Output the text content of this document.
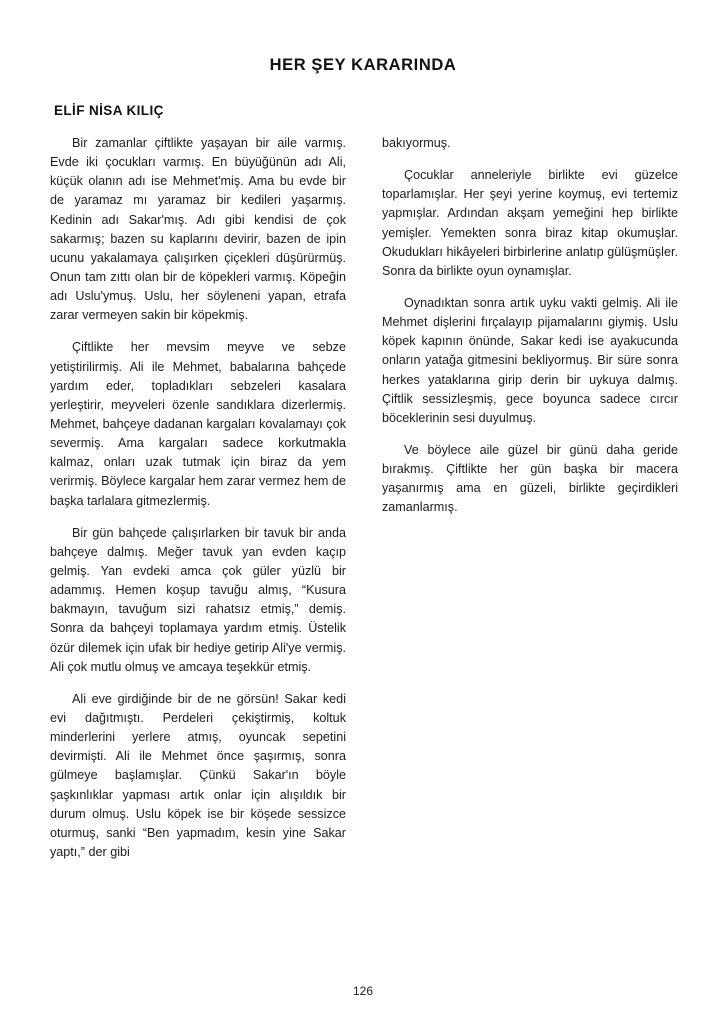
HER ŞEY KARARINDA
ELİF NİSA KILIÇ

Bir zamanlar çiftlikte yaşayan bir aile varmış. Evde iki çocukları varmış. En büyüğünün adı Ali, küçük olanın adı ise Mehmet'miş. Ama bu evde bir de yaramaz mı yaramaz bir kedileri yaşarmış. Kedinin adı Sakar'mış. Adı gibi kendisi de çok sakarmış; bazen su kaplarını devirir, bazen de ipin ucunu yakalamaya çalışırken çiçekleri düşürürmüş. Onun tam zıttı olan bir de köpekleri varmış. Köpeğin adı Uslu'ymuş. Uslu, her söyleneni yapan, etrafa zarar vermeyen sakin bir köpekmiş.

Çiftlikte her mevsim meyve ve sebze yetiştirilirmiş. Ali ile Mehmet, babalarına bahçede yardım eder, topladıkları sebzeleri kasalara yerleştirir, meyveleri özenle sandıklara dizerlermiş. Mehmet, bahçeye dadanan kargaları kovalamayı çok severmiş. Ama kargaları sadece korkutmakla kalmaz, onları uzak tutmak için biraz da yem verirmiş. Böylece kargalar hem zarar vermez hem de başka tarlalara gitmezlermiş.

Bir gün bahçede çalışırlarken bir tavuk bir anda bahçeye dalmış. Meğer tavuk yan evden kaçıp gelmiş. Yan evdeki amca çok güler yüzlü bir adammış. Hemen koşup tavuğu almış, “Kusura bakmayın, tavuğum sizi rahatsız etmiş,” demiş. Sonra da bahçeyi toplamaya yardım etmiş. Üstelik özür dilemek için ufak bir hediye getirip Ali'ye vermiş. Ali çok mutlu olmuş ve amcaya teşekkür etmiş.

Ali eve girdiğinde bir de ne görsün! Sakar kedi evi dağıtmıştı. Perdeleri çekiştirmiş, koltuk minderlerini yerlere atmış, oyuncak sepetini devirmişti. Ali ile Mehmet önce şaşırmış, sonra gülmeye başlamışlar. Çünkü Sakar'ın böyle şaşkınlıklar yapması artık onlar için alışıldık bir durum olmuş. Uslu köpek ise bir köşede sessizce oturmuş, sanki “Ben yapmadım, kesin yine Sakar yaptı,” der gibi

bakıyormuş.

Çocuklar anneleriyle birlikte evi güzelce toparlamışlar. Her şeyi yerine koymuş, evi tertemiz yapmışlar. Ardından akşam yemeğini hep birlikte yemişler. Yemekten sonra biraz kitap okumuşlar. Okudukları hikâyeleri birbirlerine anlatıp gülüşmüşler. Sonra da birlikte oyun oynamışlar.

Oynadıktan sonra artık uyku vakti gelmiş. Ali ile Mehmet dişlerini fırçalayıp pijamalarını giymiş. Uslu köpek kapının önünde, Sakar kedi ise ayakucunda onların yatağa gitmesini bekliyormuş. Bir süre sonra herkes yataklarına girip derin bir uykuya dalmış. Çiftlik sessizleşmiş, gece boyunca sadece cırcır böceklerinin sesi duyulmuş.

Ve böylece aile güzel bir günü daha geride bırakmış. Çiftlikte her gün başka bir macera yaşanırmış ama en güzeli, birlikte geçirdikleri zamanlarmış.

126
